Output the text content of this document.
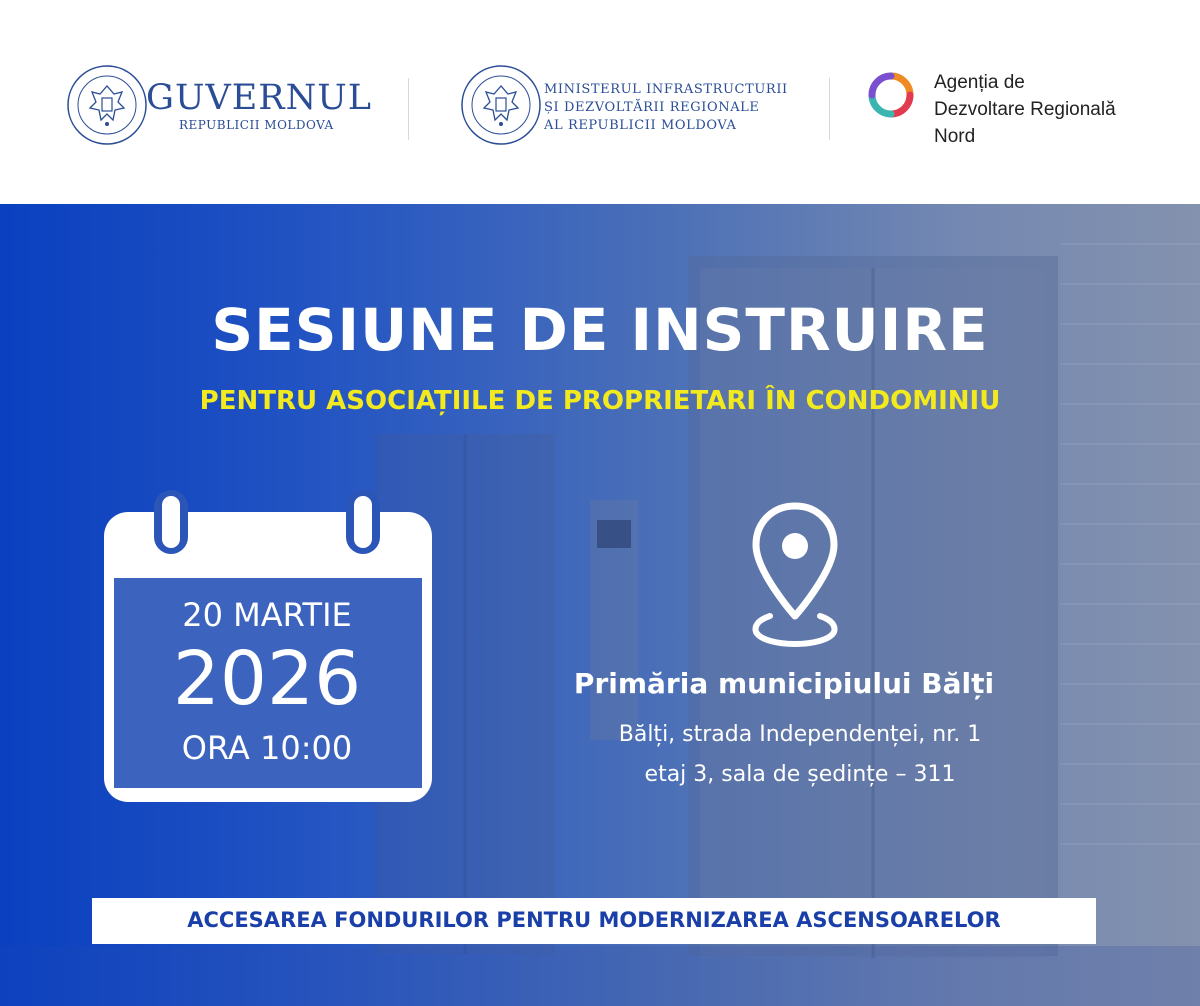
GUVERNUL
REPUBLICII MOLDOVA
MINISTERUL INFRASTRUCTURII
ȘI DEZVOLTĂRII REGIONALE
AL REPUBLICII MOLDOVA
Agenția de
Dezvoltare Regională
Nord
SESIUNE DE INSTRUIRE
PENTRU ASOCIAȚIILE DE PROPRIETARI ÎN CONDOMINIU
20 MARTIE
2026
ORA 10:00
Primăria municipiului Bălți
Bălți, strada Independenței, nr. 1
etaj 3, sala de ședințe – 311
ACCESAREA FONDURILOR PENTRU MODERNIZAREA ASCENSOARELOR
